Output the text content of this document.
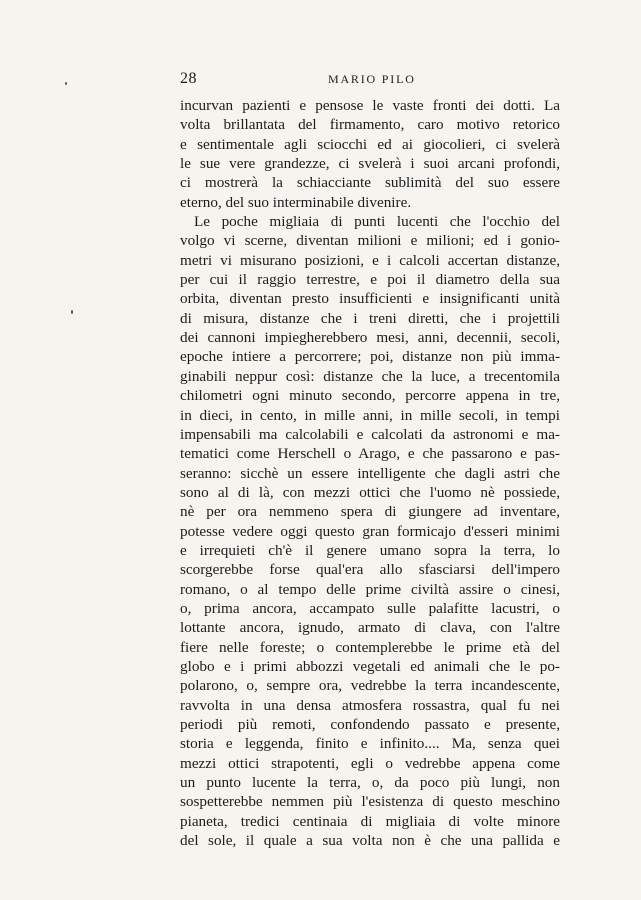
28	MARIO PILO
incurvan pazienti e pensose le vaste fronti dei dotti. La
volta brillantata del firmamento, caro motivo retorico
e sentimentale agli sciocchi ed ai giocolieri, ci svelerà
le sue vere grandezze, ci svelerà i suoi arcani profondi,
ci mostrerà la schiacciante sublimità del suo essere
eterno, del suo interminabile divenire.
Le poche migliaia di punti lucenti che l'occhio del
volgo vi scerne, diventan milioni e milioni; ed i gonio-
metri vi misurano posizioni, e i calcoli accertan distanze,
per cui il raggio terrestre, e poi il diametro della sua
orbita, diventan presto insufficienti e insignificanti unità
di misura, distanze che i treni diretti, che i projettili
dei cannoni impiegherebbero mesi, anni, decennii, secoli,
epoche intiere a percorrere; poi, distanze non più imma-
ginabili neppur così: distanze che la luce, a trecentomila
chilometri ogni minuto secondo, percorre appena in tre,
in dieci, in cento, in mille anni, in mille secoli, in tempi
impensabili ma calcolabili e calcolati da astronomi e ma-
tematici come Herschell o Arago, e che passarono e pas-
seranno: sicchè un essere intelligente che dagli astri che
sono al di là, con mezzi ottici che l'uomo nè possiede,
nè per ora nemmeno spera di giungere ad inventare,
potesse vedere oggi questo gran formicajo d'esseri minimi
e irrequieti ch'è il genere umano sopra la terra, lo
scorgerebbe forse qual'era allo sfasciarsi dell'impero
romano, o al tempo delle prime civiltà assire o cinesi,
o, prima ancora, accampato sulle palafitte lacustri, o
lottante ancora, ignudo, armato di clava, con l'altre
fiere nelle foreste; o contemplerebbe le prime età del
globo e i primi abbozzi vegetali ed animali che le po-
polarono, o, sempre ora, vedrebbe la terra incandescente,
ravvolta in una densa atmosfera rossastra, qual fu nei
periodi più remoti, confondendo passato e presente,
storia e leggenda, finito e infinito.... Ma, senza quei
mezzi ottici strapotenti, egli o vedrebbe appena come
un punto lucente la terra, o, da poco più lungi, non
sospetterebbe nemmen più l'esistenza di questo meschino
pianeta, tredici centinaia di migliaia di volte minore
del sole, il quale a sua volta non è che una pallida e
